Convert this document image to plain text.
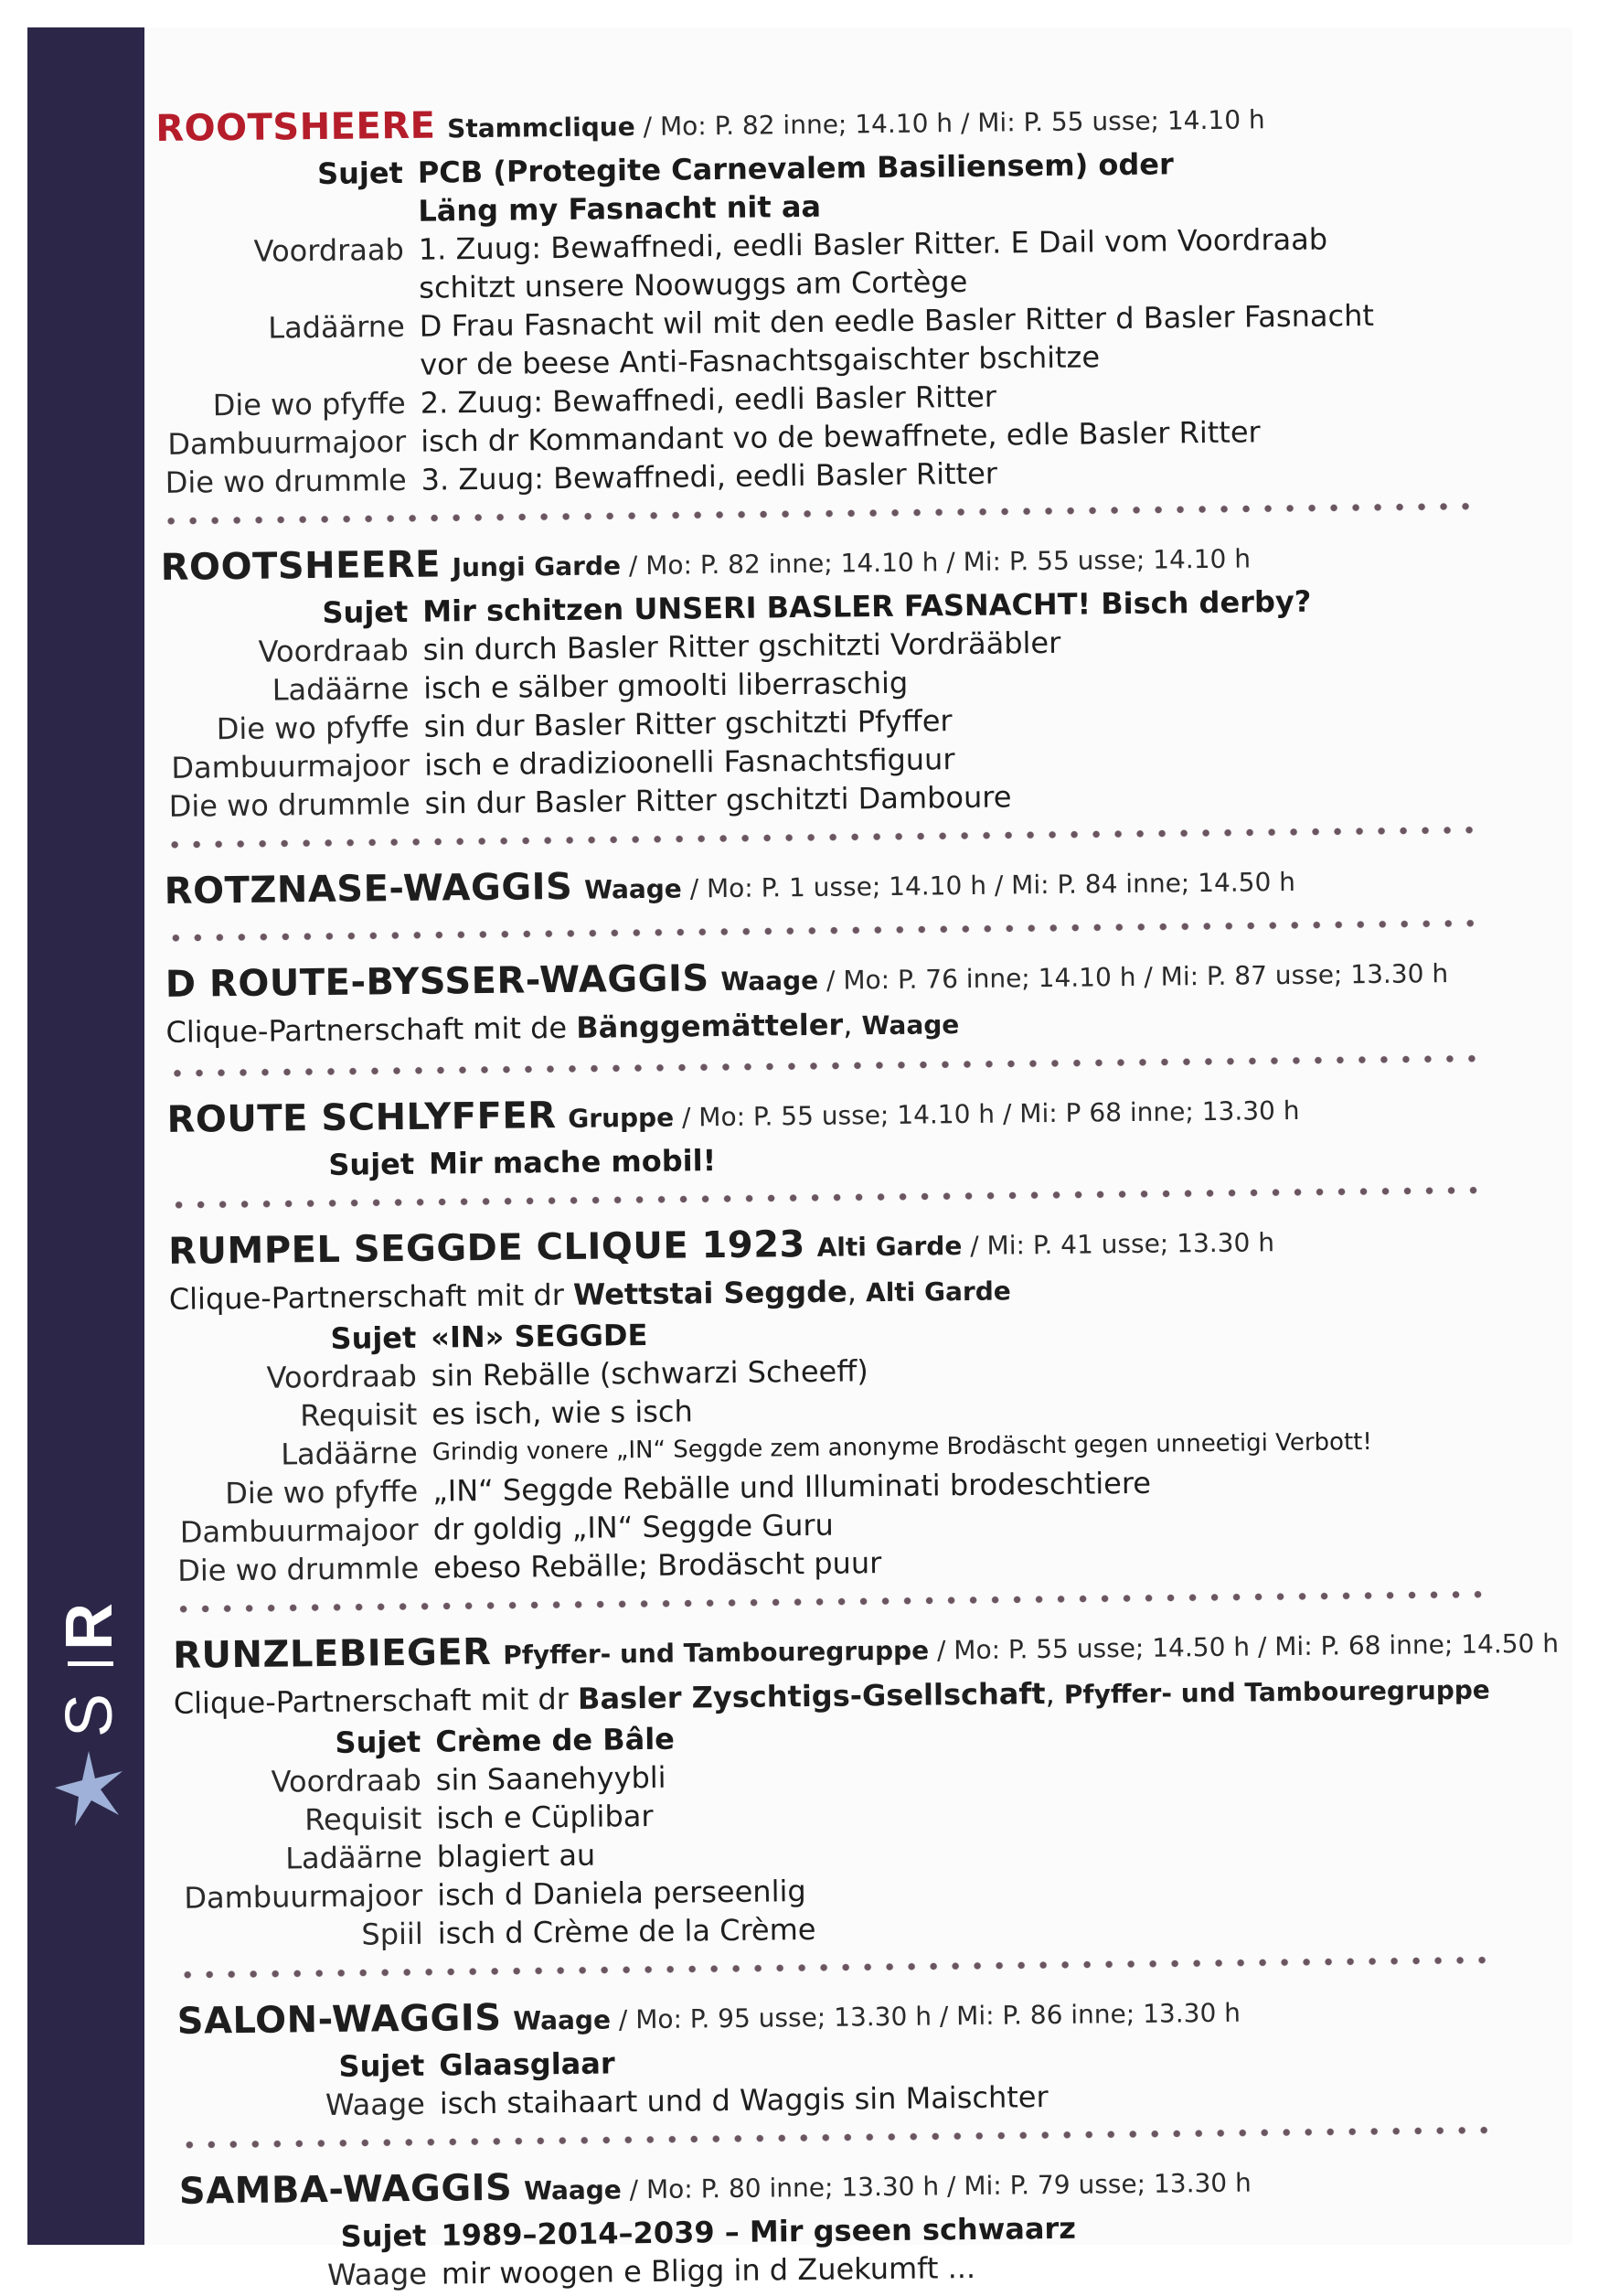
R
S
ROOTSHEERE Stammclique / Mo: P. 82 inne; 14.10 h / Mi: P. 55 usse; 14.10 h
Sujet PCB (Protegite Carnevalem Basiliensem) oder
Läng my Fasnacht nit aa
Voordraab 1. Zuug: Bewaffnedi, eedli Basler Ritter. E Dail vom Voordraab
schitzt unsere Noowuggs am Cortège
Ladäärne D Frau Fasnacht wil mit den eedle Basler Ritter d Basler Fasnacht
vor de beese Anti-Fasnachtsgaischter bschitze
Die wo pfyffe 2. Zuug: Bewaffnedi, eedli Basler Ritter
Dambuurmajoor isch dr Kommandant vo de bewaffnete, edle Basler Ritter
Die wo drummle 3. Zuug: Bewaffnedi, eedli Basler Ritter
ROOTSHEERE Jungi Garde / Mo: P. 82 inne; 14.10 h / Mi: P. 55 usse; 14.10 h
Sujet Mir schitzen UNSERI BASLER FASNACHT! Bisch derby?
Voordraab sin durch Basler Ritter gschitzti Vordrääbler
Ladäärne isch e sälber gmoolti liberraschig
Die wo pfyffe sin dur Basler Ritter gschitzti Pfyffer
Dambuurmajoor isch e dradizioonelli Fasnachtsfiguur
Die wo drummle sin dur Basler Ritter gschitzti Damboure
ROTZNASE-WAGGIS Waage / Mo: P. 1 usse; 14.10 h / Mi: P. 84 inne; 14.50 h
D ROUTE-BYSSER-WAGGIS Waage / Mo: P. 76 inne; 14.10 h / Mi: P. 87 usse; 13.30 h
Clique-Partnerschaft mit de Bänggemätteler, Waage
ROUTE SCHLYFFER Gruppe / Mo: P. 55 usse; 14.10 h / Mi: P 68 inne; 13.30 h
Sujet Mir mache mobil!
RUMPEL SEGGDE CLIQUE 1923 Alti Garde / Mi: P. 41 usse; 13.30 h
Clique-Partnerschaft mit dr Wettstai Seggde, Alti Garde
Sujet «IN» SEGGDE
Voordraab sin Rebälle (schwarzi Scheeff)
Requisit es isch, wie s isch
Ladäärne Grindig vonere „IN“ Seggde zem anonyme Brodäscht gegen unneetigi Verbott!
Die wo pfyffe „IN“ Seggde Rebälle und Illuminati brodeschtiere
Dambuurmajoor dr goldig „IN“ Seggde Guru
Die wo drummle ebeso Rebälle; Brodäscht puur
RUNZLEBIEGER Pfyffer- und Tambouregruppe / Mo: P. 55 usse; 14.50 h / Mi: P. 68 inne; 14.50 h
Clique-Partnerschaft mit dr Basler Zyschtigs-Gsellschaft, Pfyffer- und Tambouregruppe
Sujet Crème de Bâle
Voordraab sin Saanehyybli
Requisit isch e Cüplibar
Ladäärne blagiert au
Dambuurmajoor isch d Daniela perseenlig
Spiil isch d Crème de la Crème
SALON-WAGGIS Waage / Mo: P. 95 usse; 13.30 h / Mi: P. 86 inne; 13.30 h
Sujet Glaasglaar
Waage isch staihaart und d Waggis sin Maischter
SAMBA-WAGGIS Waage / Mo: P. 80 inne; 13.30 h / Mi: P. 79 usse; 13.30 h
Sujet 1989–2014–2039 – Mir gseen schwaarz
Waage mir woogen e Bligg in d Zuekumft ...
